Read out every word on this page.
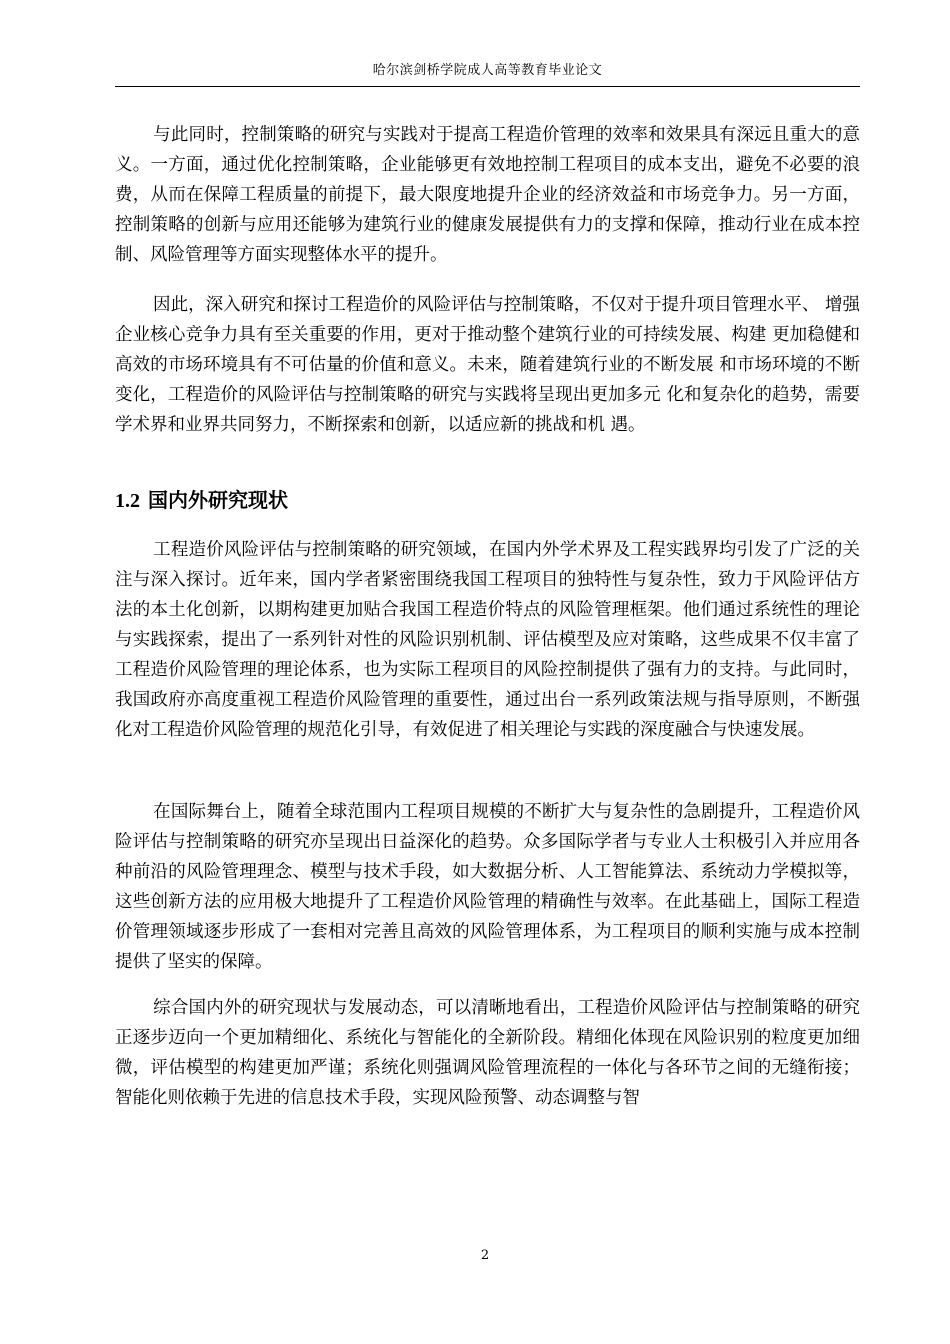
哈尔滨剑桥学院成人高等教育毕业论文

与此同时，控制策略的研究与实践对于提高工程造价管理的效率和效果具有深远且重大的意义。一方面，通过优化控制策略，企业能够更有效地控制工程项目的成本支出，避免不必要的浪费，从而在保障工程质量的前提下，最大限度地提升企业的经济效益和市场竞争力。另一方面，控制策略的创新与应用还能够为建筑行业的健康发展提供有力的支撑和保障，推动行业在成本控制、风险管理等方面实现整体水平的提升。

因此，深入研究和探讨工程造价的风险评估与控制策略，不仅对于提升项目管理水平、 增强企业核心竞争力具有至关重要的作用，更对于推动整个建筑行业的可持续发展、构建 更加稳健和高效的市场环境具有不可估量的价值和意义。未来，随着建筑行业的不断发展 和市场环境的不断变化，工程造价的风险评估与控制策略的研究与实践将呈现出更加多元 化和复杂化的趋势，需要学术界和业界共同努力，不断探索和创新，以适应新的挑战和机 遇。

1.2 国内外研究现状

工程造价风险评估与控制策略的研究领域，在国内外学术界及工程实践界均引发了广泛的关注与深入探讨。近年来，国内学者紧密围绕我国工程项目的独特性与复杂性，致力于风险评估方法的本土化创新，以期构建更加贴合我国工程造价特点的风险管理框架。他们通过系统性的理论与实践探索，提出了一系列针对性的风险识别机制、评估模型及应对策略，这些成果不仅丰富了工程造价风险管理的理论体系，也为实际工程项目的风险控制提供了强有力的支持。与此同时，我国政府亦高度重视工程造价风险管理的重要性，通过出台一系列政策法规与指导原则，不断强化对工程造价风险管理的规范化引导，有效促进了相关理论与实践的深度融合与快速发展。

在国际舞台上，随着全球范围内工程项目规模的不断扩大与复杂性的急剧提升，工程造价风险评估与控制策略的研究亦呈现出日益深化的趋势。众多国际学者与专业人士积极引入并应用各种前沿的风险管理理念、模型与技术手段，如大数据分析、人工智能算法、系统动力学模拟等，这些创新方法的应用极大地提升了工程造价风险管理的精确性与效率。在此基础上，国际工程造价管理领域逐步形成了一套相对完善且高效的风险管理体系，为工程项目的顺利实施与成本控制提供了坚实的保障。

综合国内外的研究现状与发展动态，可以清晰地看出，工程造价风险评估与控制策略的研究正逐步迈向一个更加精细化、系统化与智能化的全新阶段。精细化体现在风险识别的粒度更加细微，评估模型的构建更加严谨；系统化则强调风险管理流程的一体化与各环节之间的无缝衔接；智能化则依赖于先进的信息技术手段，实现风险预警、动态调整与智

2
